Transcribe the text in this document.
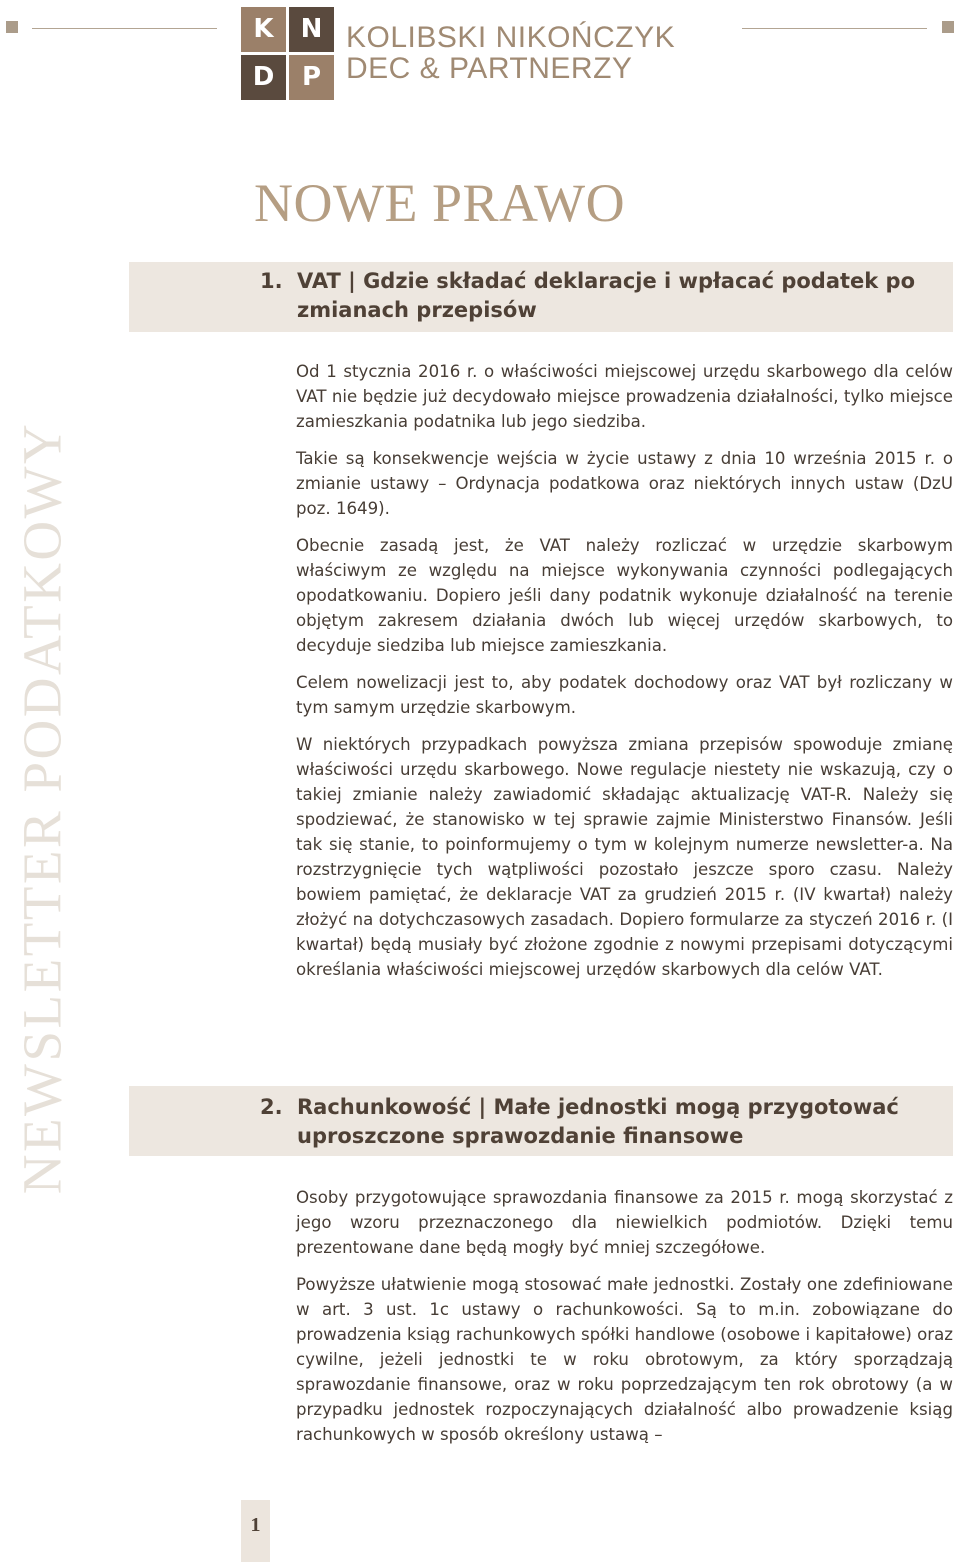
K	N
D	P
KOLIBSKI NIKOŃCZYK
DEC & PARTNERZY
NOWE PRAWO
NEWSLETTER PODATKOWY
1. VAT | Gdzie składać deklaracje i wpłacać podatek po zmianach przepisów

Od 1 stycznia 2016 r. o właściwości miejscowej urzędu skarbowego dla celów VAT nie będzie już decydowało miejsce prowadzenia działalności, tylko miejsce zamieszkania podatnika lub jego siedziba.

Takie są konsekwencje wejścia w życie ustawy z dnia 10 września 2015 r. o zmianie ustawy – Ordynacja podatkowa oraz niektórych innych ustaw (DzU poz. 1649).

Obecnie zasadą jest, że VAT należy rozliczać w urzędzie skarbowym właściwym ze względu na miejsce wykonywania czynności podlegających opodatkowaniu. Dopiero jeśli dany podatnik wykonuje działalność na terenie objętym zakresem działania dwóch lub więcej urzędów skarbowych, to decyduje siedziba lub miejsce zamieszkania.

Celem nowelizacji jest to, aby podatek dochodowy oraz VAT był rozliczany w tym samym urzędzie skarbowym.

W niektórych przypadkach powyższa zmiana przepisów spowoduje zmianę właściwości urzędu skarbowego. Nowe regulacje niestety nie wskazują, czy o takiej zmianie należy zawiadomić składając aktualizację VAT-R. Należy się spodziewać, że stanowisko w tej sprawie zajmie Ministerstwo Finansów. Jeśli tak się stanie, to poinformujemy o tym w kolejnym numerze newsletter-a. Na rozstrzygnięcie tych wątpliwości pozostało jeszcze sporo czasu. Należy bowiem pamiętać, że deklaracje VAT za grudzień 2015 r. (IV kwartał) należy złożyć na dotychczasowych zasadach. Dopiero formularze za styczeń 2016 r. (I kwartał) będą musiały być złożone zgodnie z nowymi przepisami dotyczącymi określania właściwości miejscowej urzędów skarbowych dla celów VAT.

2. Rachunkowość | Małe jednostki mogą przygotować uproszczone sprawozdanie finansowe

Osoby przygotowujące sprawozdania finansowe za 2015 r. mogą skorzystać z jego wzoru przeznaczonego dla niewielkich podmiotów. Dzięki temu prezentowane dane będą mogły być mniej szczegółowe.

Powyższe ułatwienie mogą stosować małe jednostki. Zostały one zdefiniowane w art. 3 ust. 1c ustawy o rachunkowości. Są to m.in. zobowiązane do prowadzenia ksiąg rachunkowych spółki handlowe (osobowe i kapitałowe) oraz cywilne, jeżeli jednostki te w roku obrotowym, za który sporządzają sprawozdanie finansowe, oraz w roku poprzedzającym ten rok obrotowy (a w przypadku jednostek rozpoczynających działalność albo prowadzenie ksiąg rachunkowych w sposób określony ustawą –

1
